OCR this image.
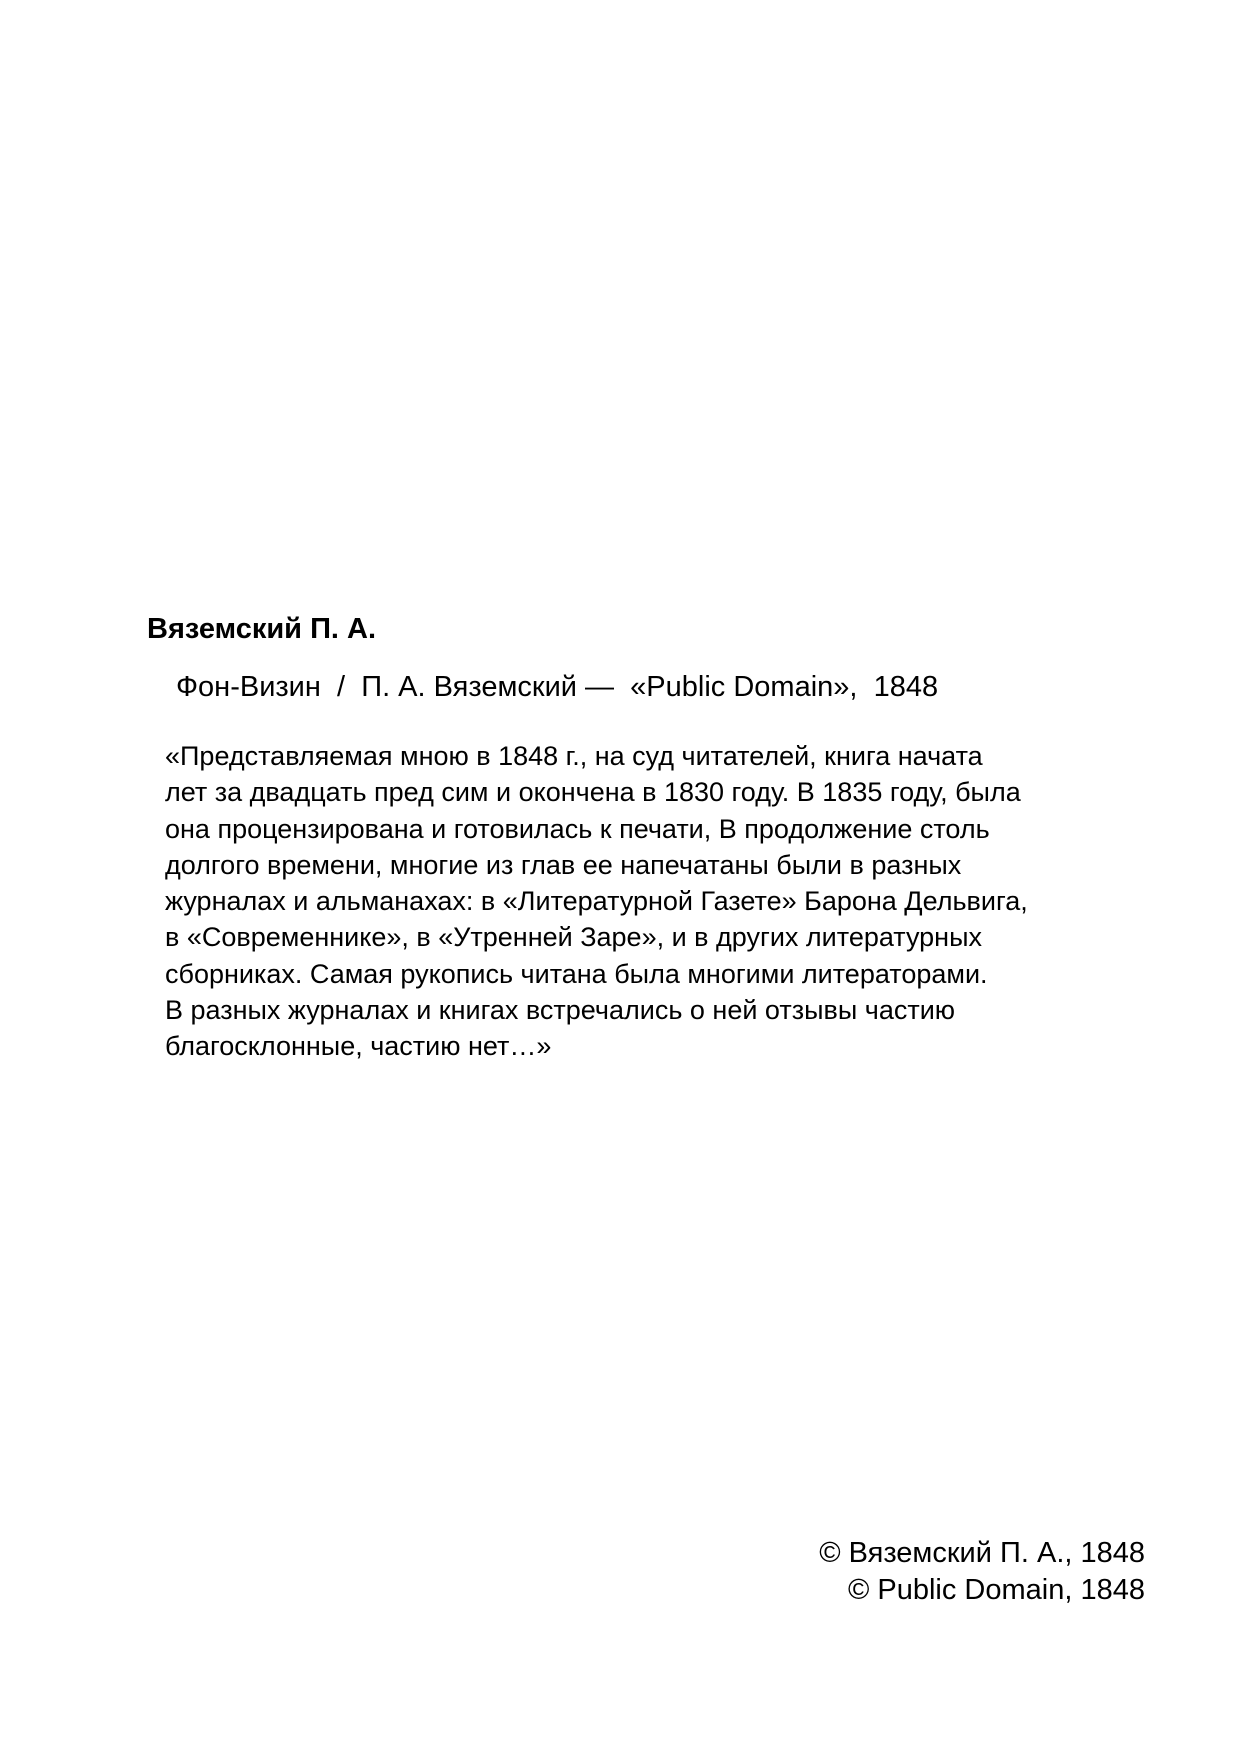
Вяземский П. А.

Фон-Визин / П. А. Вяземский — «Public Domain», 1848

«Представляемая мною в 1848 г., на суд читателей, книга начата
лет за двадцать пред сим и окончена в 1830 году. В 1835 году, была
она процензирована и готовилась к печати, В продолжение столь
долгого времени, многие из глав ее напечатаны были в разных
журналах и альманахах: в «Литературной Газете» Барона Дельвига,
в «Современнике», в «Утренней Заре», и в других литературных
сборниках. Самая рукопись читана была многими литераторами.
В разных журналах и книгах встречались о ней отзывы частию
благосклонные, частию нет…»

© Вяземский П. А., 1848
© Public Domain, 1848
